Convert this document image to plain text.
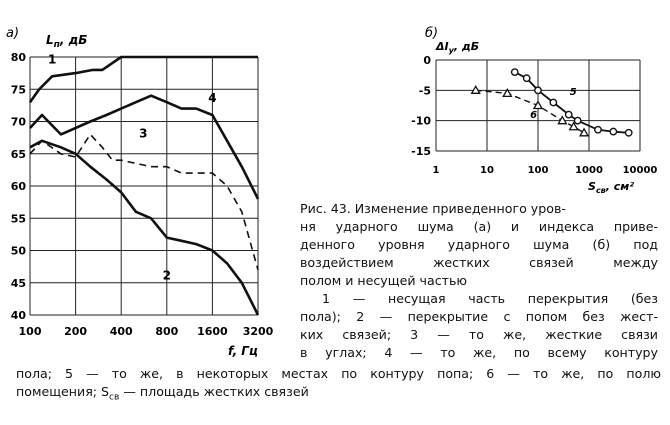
а) $L_п$, дБ
f, Гц
100 200 400 800 1600 3200
40
45
50
55
60
65
70
75
80 1
2
3
4
б)
$\Delta I_у$, дБ
$S_{св}$, см²
1	10	100	1000 10000
0
-5
-10
-15
5
6
Рис. 43. Изменение приведенного уров-
ня ударного шума (а) и индекса приве-
денного уровня ударного шума (б) под
воздействием жестких связей между
полом и несущей частью
1 — несущая часть перекрытия (без
пола); 2 — перекрытие с попом без жест-
ких связей; 3 — то же, жесткие связи
в углах; 4 — то же, по всему контуру
пола; 5 — то же, в некоторых местах по контуру попа; 6 — то же, по полю
помещения; $S_{св}$ — площадь жестких связей
